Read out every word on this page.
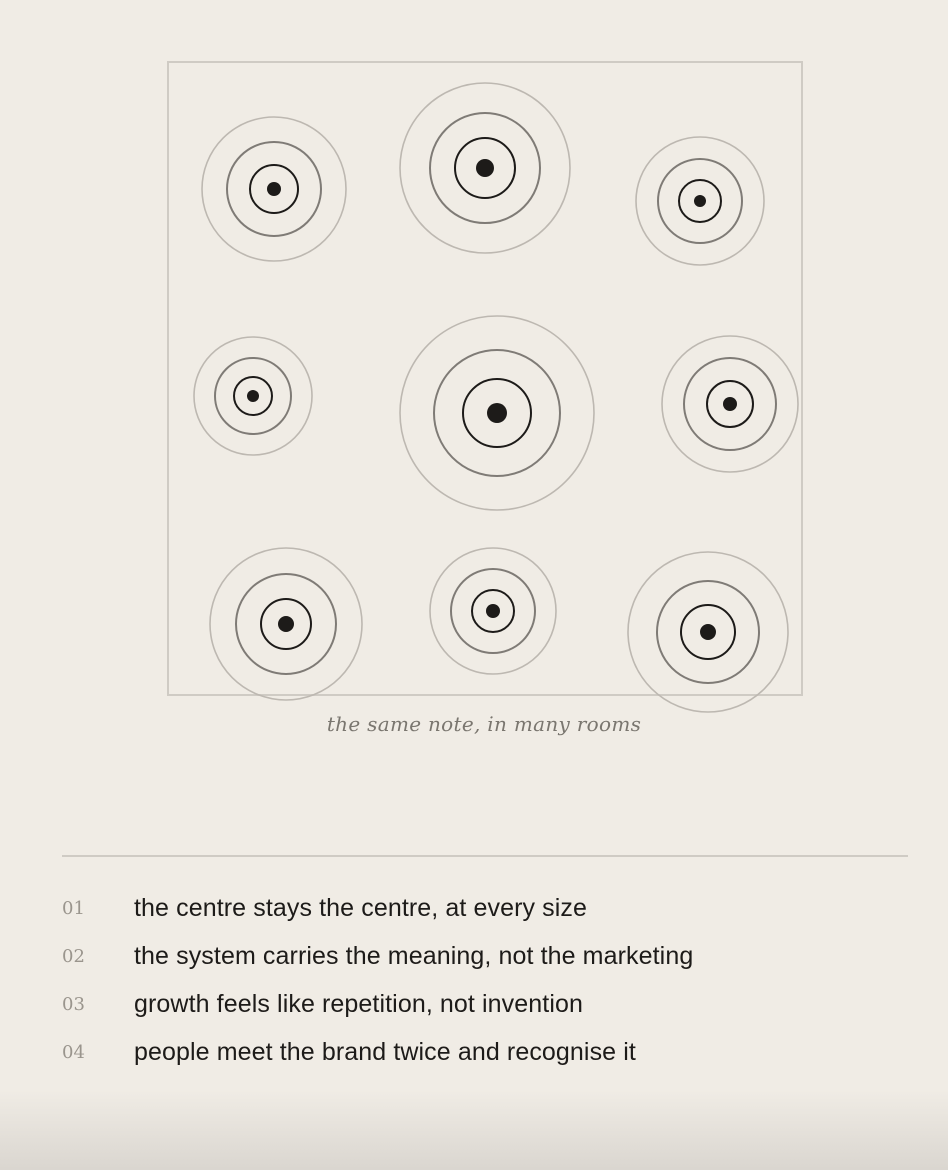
the same note, in many rooms
01 the centre stays the centre, at every size
02 the system carries the meaning, not the marketing
03 growth feels like repetition, not invention
04 people meet the brand twice and recognise it
